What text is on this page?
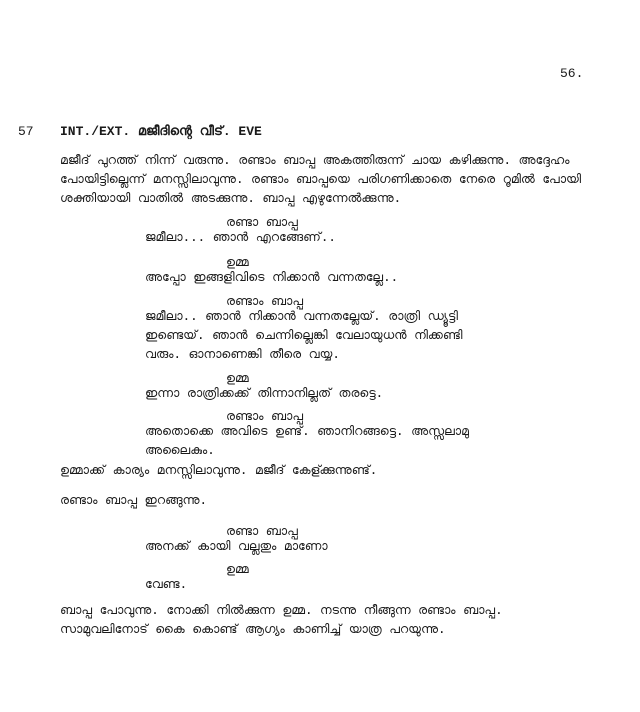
56.
57 INT./EXT. മജീദിന്റെ വീട്. EVE
മജീദ് പുറത്ത് നിന്ന് വരുന്നു. രണ്ടാം ബാപ്പ അകത്തിരുന്ന് ചായ കഴിക്കുന്നു. അദ്ദേഹം
പോയിട്ടില്ലെന്ന് മനസ്സിലാവുന്നു. രണ്ടാം ബാപ്പയെ പരിഗണിക്കാതെ നേരെ റൂമിൽ പോയി
ശക്തിയായി വാതിൽ അടക്കുന്നു. ബാപ്പ എഴുന്നേൽക്കുന്നു.
രണ്ടാ ബാപ്പ
ജമീലാ... ഞാൻ എറങ്ങേണ്..
ഉമ്മ
അപ്പോ ഇങ്ങളിവിടെ നിക്കാൻ വന്നതല്ലേ..
രണ്ടാം ബാപ്പ
ജമീലാ.. ഞാൻ നിക്കാൻ വന്നതല്ലേയ്. രാത്രി ഡ്യൂട്ടി
ഇണ്ടെയ്. ഞാൻ ചെന്നില്ലെങ്കി വേലായുധൻ നിക്കണ്ടി
വരും. ഓനാണെങ്കി തീരെ വയ്യ.
ഉമ്മ
ഇന്നാ രാത്രിക്കക്ക് തിന്നാനില്ലത് തരട്ടെ.
രണ്ടാം ബാപ്പ
അതൊക്കെ അവിടെ ഉണ്ട്. ഞാനിറങ്ങട്ടെ. അസ്സലാമു
അലൈകും.
ഉമ്മാക്ക് കാര്യം മനസ്സിലാവുന്നു. മജീദ് കേള്ക്കുന്നുണ്ട്.
രണ്ടാം ബാപ്പ ഇറങ്ങുന്നു.
രണ്ടാ ബാപ്പ
അനക്ക് കായി വല്ലതും മാണോ
ഉമ്മ
വേണ്ട.
ബാപ്പ പോവുന്നു. നോക്കി നിൽക്കുന്ന ഉമ്മ. നടന്നു നീങ്ങുന്ന രണ്ടാം ബാപ്പ.
സാമുവലിനോട് കൈ കൊണ്ട് ആഗ്യം കാണിച്ച് യാത്ര പറയുന്നു.
